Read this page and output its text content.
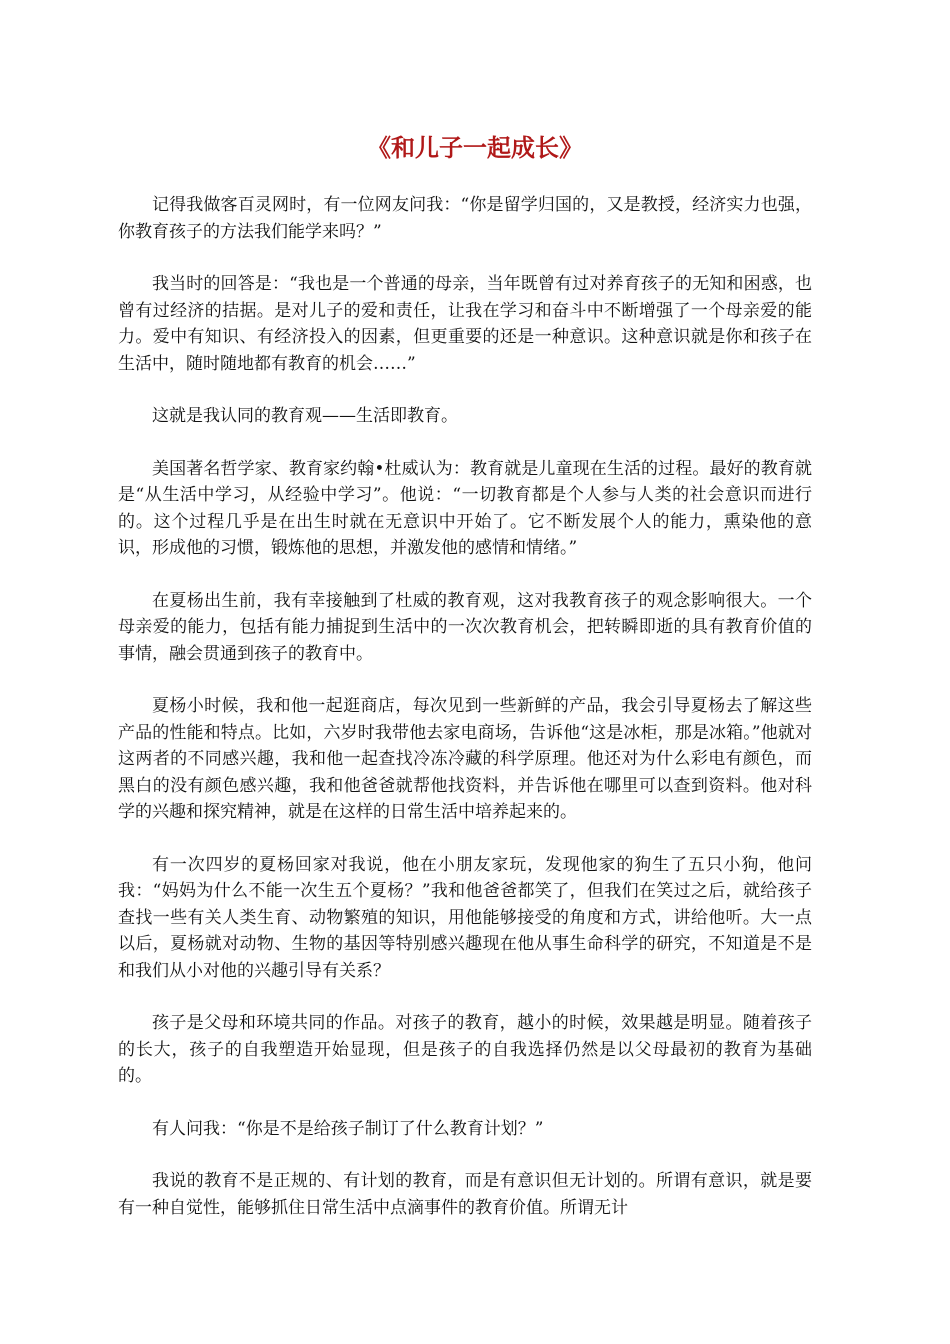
《和儿子一起成长》

记得我做客百灵网时，有一位网友问我：“你是留学归国的，又是教授，经济实力也强，你教育孩子的方法我们能学来吗？”

我当时的回答是：“我也是一个普通的母亲，当年既曾有过对养育孩子的无知和困惑，也曾有过经济的拮据。是对儿子的爱和责任，让我在学习和奋斗中不断增强了一个母亲爱的能力。爱中有知识、有经济投入的因素，但更重要的还是一种意识。这种意识就是你和孩子在生活中，随时随地都有教育的机会……”

这就是我认同的教育观——生活即教育。

美国著名哲学家、教育家约翰•杜威认为：教育就是儿童现在生活的过程。最好的教育就是“从生活中学习，从经验中学习”。他说：“一切教育都是个人参与人类的社会意识而进行的。这个过程几乎是在出生时就在无意识中开始了。它不断发展个人的能力，熏染他的意识，形成他的习惯，锻炼他的思想，并激发他的感情和情绪。”

在夏杨出生前，我有幸接触到了杜威的教育观，这对我教育孩子的观念影响很大。一个母亲爱的能力，包括有能力捕捉到生活中的一次次教育机会，把转瞬即逝的具有教育价值的事情，融会贯通到孩子的教育中。

夏杨小时候，我和他一起逛商店，每次见到一些新鲜的产品，我会引导夏杨去了解这些产品的性能和特点。比如，六岁时我带他去家电商场，告诉他“这是冰柜，那是冰箱。”他就对这两者的不同感兴趣，我和他一起查找冷冻冷藏的科学原理。他还对为什么彩电有颜色，而黑白的没有颜色感兴趣，我和他爸爸就帮他找资料，并告诉他在哪里可以查到资料。他对科学的兴趣和探究精神，就是在这样的日常生活中培养起来的。

有一次四岁的夏杨回家对我说，他在小朋友家玩，发现他家的狗生了五只小狗，他问我：“妈妈为什么不能一次生五个夏杨？”我和他爸爸都笑了，但我们在笑过之后，就给孩子查找一些有关人类生育、动物繁殖的知识，用他能够接受的角度和方式，讲给他听。大一点以后，夏杨就对动物、生物的基因等特别感兴趣现在他从事生命科学的研究，不知道是不是和我们从小对他的兴趣引导有关系？

孩子是父母和环境共同的作品。对孩子的教育，越小的时候，效果越是明显。随着孩子的长大，孩子的自我塑造开始显现，但是孩子的自我选择仍然是以父母最初的教育为基础的。

有人问我：“你是不是给孩子制订了什么教育计划？”

我说的教育不是正规的、有计划的教育，而是有意识但无计划的。所谓有意识，就是要有一种自觉性，能够抓住日常生活中点滴事件的教育价值。所谓无计
